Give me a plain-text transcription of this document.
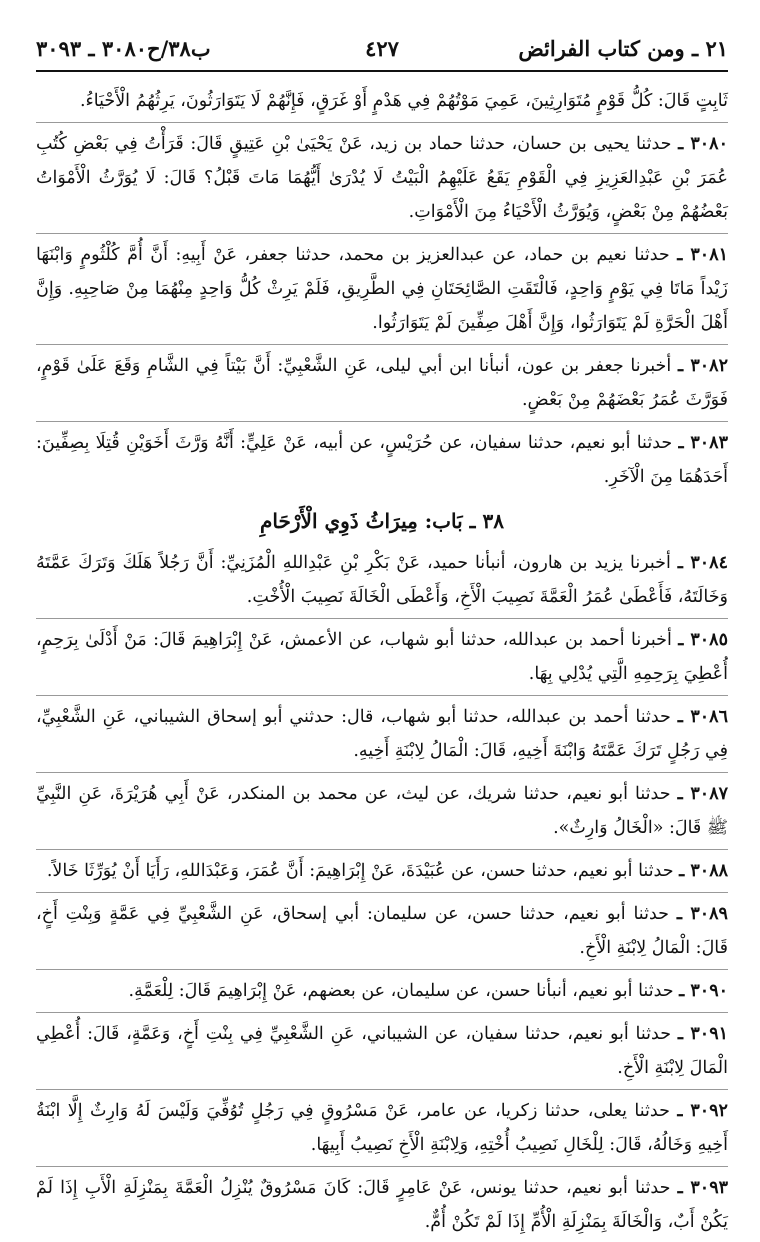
٢١ ـ ومن كتاب الفرائض
٤٢٧
ب٣٨/ح٣٠٨٠ ـ ٣٠٩٣

ثَابِتٍ قَالَ: كُلُّ قَوْمٍ مُتَوَارِثِينَ، عَمِيَ مَوْتُهُمْ فِي هَدْمٍ أَوْ غَرَقٍ، فَإِنَّهُمْ لَا يَتَوَارَثُونَ، يَرِثُهُمُ الْأَحْيَاءُ.

٣٠٨٠ ـ حدثنا يحيى بن حسان، حدثنا حماد بن زيد، عَنْ يَحْيَىٰ بْنِ عَتِيقٍ قَالَ: قَرَأْتُ فِي بَعْضِ كُتُبِ عُمَرَ بْنِ عَبْدِالعَزِيزِ فِي الْقَوْمِ يَقَعُ عَلَيْهِمُ الْبَيْتُ لَا يُدْرَىٰ أَيُّهُمَا مَاتَ قَبْلُ؟ قَالَ: لَا يُوَرَّثُ الْأَمْوَاتُ بَعْضُهُمْ مِنْ بَعْضٍ، وَيُوَرَّثُ الْأَحْيَاءُ مِنَ الْأَمْوَاتِ.

٣٠٨١ ـ حدثنا نعيم بن حماد، عن عبدالعزيز بن محمد، حدثنا جعفر، عَنْ أَبِيهِ: أَنَّ أُمَّ كُلْثُومٍ وَابْنَهَا زَيْداً مَاتَا فِي يَوْمٍ وَاحِدٍ، فَالْتَقَتِ الصَّائِحَتَانِ فِي الطَّرِيقِ، فَلَمْ يَرِثْ كُلُّ وَاحِدٍ مِنْهُمَا مِنْ صَاحِبِهِ. وَإِنَّ أَهْلَ الْحَرَّةِ لَمْ يَتَوَارَثُوا، وَإِنَّ أَهْلَ صِفِّينَ لَمْ يَتَوَارَثُوا.

٣٠٨٢ ـ أخبرنا جعفر بن عون، أنبأنا ابن أبي ليلى، عَنِ الشَّعْبِيِّ: أَنَّ بَيْتاً فِي الشَّامِ وَقَعَ عَلَىٰ قَوْمٍ، فَوَرَّثَ عُمَرُ بَعْضَهُمْ مِنْ بَعْضٍ.

٣٠٨٣ ـ حدثنا أبو نعيم، حدثنا سفيان، عن حُرَيْسٍ، عن أبيه، عَنْ عَلِيٍّ: أَنَّهُ وَرَّثَ أَخَوَيْنِ قُتِلَا بِصِفِّينَ: أَحَدَهُمَا مِنَ الْآخَرِ.

٣٨ ـ بَاب: مِيرَاثُ ذَوِي الْأَرْحَامِ

٣٠٨٤ ـ أخبرنا يزيد بن هارون، أنبأنا حميد، عَنْ بَكْرِ بْنِ عَبْدِاللهِ الْمُزَنِيِّ: أَنَّ رَجُلاً هَلَكَ وَتَرَكَ عَمَّتَهُ وَخَالَتَهُ، فَأَعْطَىٰ عُمَرُ الْعَمَّةَ نَصِيبَ الْأَخِ، وَأَعْطَى الْخَالَةَ نَصِيبَ الْأُخْتِ.

٣٠٨٥ ـ أخبرنا أحمد بن عبدالله، حدثنا أبو شهاب، عن الأعمش، عَنْ إِبْرَاهِيمَ قَالَ: مَنْ أَدْلَىٰ بِرَحِمٍ، أُعْطِيَ بِرَحِمِهِ الَّتِي يُدْلِي بِهَا.

٣٠٨٦ ـ حدثنا أحمد بن عبدالله، حدثنا أبو شهاب، قال: حدثني أبو إسحاق الشيباني، عَنِ الشَّعْبِيِّ، فِي رَجُلٍ تَرَكَ عَمَّتَهُ وَابْنَةَ أَخِيهِ، قَالَ: الْمَالُ لِابْنَةِ أَخِيهِ.

٣٠٨٧ ـ حدثنا أبو نعيم، حدثنا شريك، عن ليث، عن محمد بن المنكدر، عَنْ أَبِي هُرَيْرَةَ، عَنِ النَّبِيِّ ﷺ قَالَ: «الْخَالُ وَارِثٌ».

٣٠٨٨ ـ حدثنا أبو نعيم، حدثنا حسن، عن عُبَيْدَةَ، عَنْ إِبْرَاهِيمَ: أَنَّ عُمَرَ، وَعَبْدَاللهِ، رَأَيَا أَنْ يُوَرِّثَا خَالاً.

٣٠٨٩ ـ حدثنا أبو نعيم، حدثنا حسن، عن سليمان: أبي إسحاق، عَنِ الشَّعْبِيِّ فِي عَمَّةٍ وَبِنْتِ أَخٍ، قَالَ: الْمَالُ لِابْنَةِ الْأَخِ.

٣٠٩٠ ـ حدثنا أبو نعيم، أنبأنا حسن، عن سليمان، عن بعضهم، عَنْ إِبْرَاهِيمَ قَالَ: لِلْعَمَّةِ.

٣٠٩١ ـ حدثنا أبو نعيم، حدثنا سفيان، عن الشيباني، عَنِ الشَّعْبِيِّ فِي بِنْتِ أَخٍ، وَعَمَّةٍ، قَالَ: أُعْطِي الْمَالَ لِابْنَةِ الْأَخِ.

٣٠٩٢ ـ حدثنا يعلى، حدثنا زكريا، عن عامر، عَنْ مَسْرُوقٍ فِي رَجُلٍ تُوُفِّيَ وَلَيْسَ لَهُ وَارِثٌ إِلَّا ابْنَةُ أَخِيهِ وَخَالُهُ، قَالَ: لِلْخَالِ نَصِيبُ أُخْتِهِ، وَلِابْنَةِ الْأَخِ نَصِيبُ أَبِيهَا.

٣٠٩٣ ـ حدثنا أبو نعيم، حدثنا يونس، عَنْ عَامِرٍ قَالَ: كَانَ مَسْرُوقٌ يُنْزِلُ الْعَمَّةَ بِمَنْزِلَةِ الْأَبِ إِذَا لَمْ يَكُنْ أَبٌ، وَالْخَالَةَ بِمَنْزِلَةِ الْأُمِّ إِذَا لَمْ تَكُنْ أُمٌّ.
